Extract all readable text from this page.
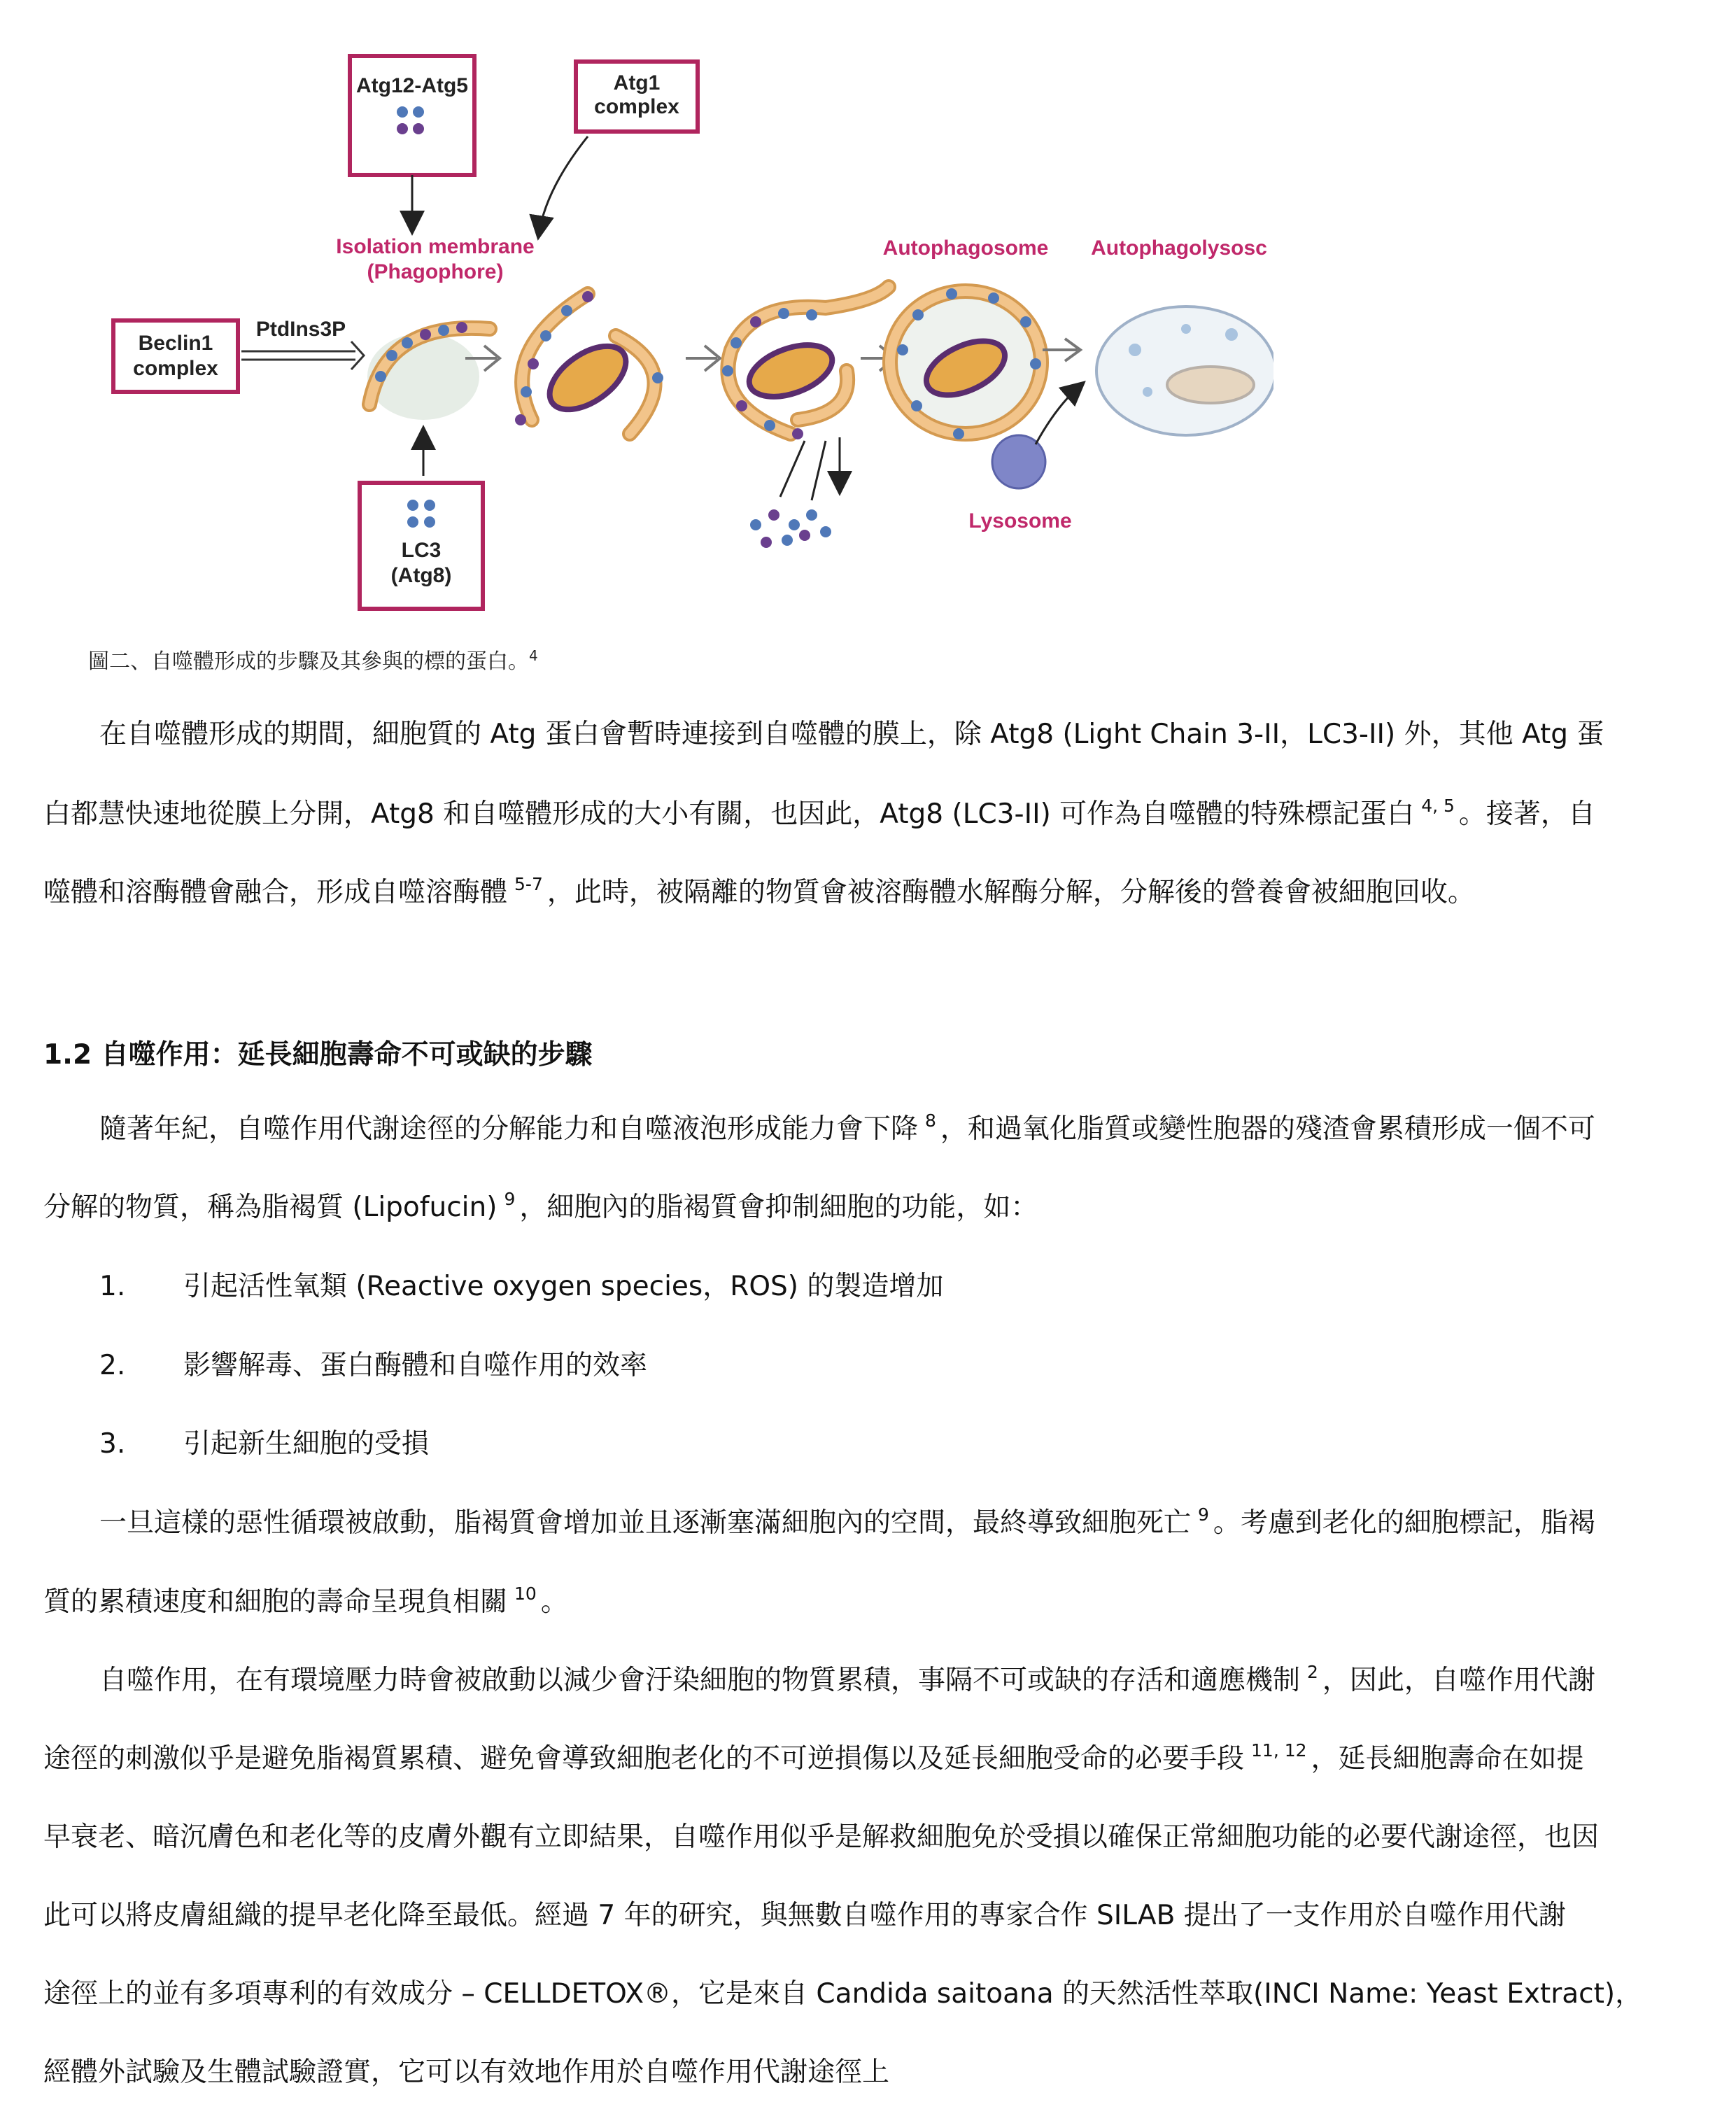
Atg12-Atg5	Atg1
complex
Isolation membrane
(Phagophore)
Beclin1
complex
PtdIns3P
LC3
(Atg8)
Autophagosome
Lysosome
Autophagolysosc
圖二、自噬體形成的步驟及其參與的標的蛋白。$^4$
在自噬體形成的期間，細胞質的 Atg 蛋白會暫時連接到自噬體的膜上，除 Atg8 (Light Chain 3-II，LC3-II) 外，其他 Atg 蛋
白都慧快速地從膜上分開，Atg8 和自噬體形成的大小有關，也因此，Atg8 (LC3-II) 可作為自噬體的特殊標記蛋白 $^{4, 5}$ 。接著，自
噬體和溶酶體會融合，形成自噬溶酶體 $^{5-7}$ ，此時，被隔離的物質會被溶酶體水解酶分解，分解後的營養會被細胞回收。
1.2 自噬作用：延長細胞壽命不可或缺的步驟
隨著年紀，自噬作用代謝途徑的分解能力和自噬液泡形成能力會下降 $^8$ ，和過氧化脂質或變性胞器的殘渣會累積形成一個不可
分解的物質，稱為脂褐質 (Lipofucin) $^9$ ，細胞內的脂褐質會抑制細胞的功能，如：
1. 引起活性氧類 (Reactive oxygen species，ROS) 的製造增加
2. 影響解毒、蛋白酶體和自噬作用的效率
3. 引起新生細胞的受損
一旦這樣的惡性循環被啟動，脂褐質會增加並且逐漸塞滿細胞內的空間，最終導致細胞死亡 $^9$ 。考慮到老化的細胞標記，脂褐
質的累積速度和細胞的壽命呈現負相關 $^{10}$ 。
自噬作用，在有環境壓力時會被啟動以減少會汙染細胞的物質累積，事隔不可或缺的存活和適應機制 $^2$ ，因此，自噬作用代謝
途徑的刺激似乎是避免脂褐質累積、避免會導致細胞老化的不可逆損傷以及延長細胞受命的必要手段 $^{11, 12}$ ，延長細胞壽命在如提
早衰老、暗沉膚色和老化等的皮膚外觀有立即結果，自噬作用似乎是解救細胞免於受損以確保正常細胞功能的必要代謝途徑，也因
此可以將皮膚組織的提早老化降至最低。經過 7 年的研究，與無數自噬作用的專家合作 SILAB 提出了一支作用於自噬作用代謝
途徑上的並有多項專利的有效成分 – CELLDETOX®，它是來自 Candida saitoana 的天然活性萃取(INCI Name: Yeast Extract)，
經體外試驗及生體試驗證實，它可以有效地作用於自噬作用代謝途徑上
